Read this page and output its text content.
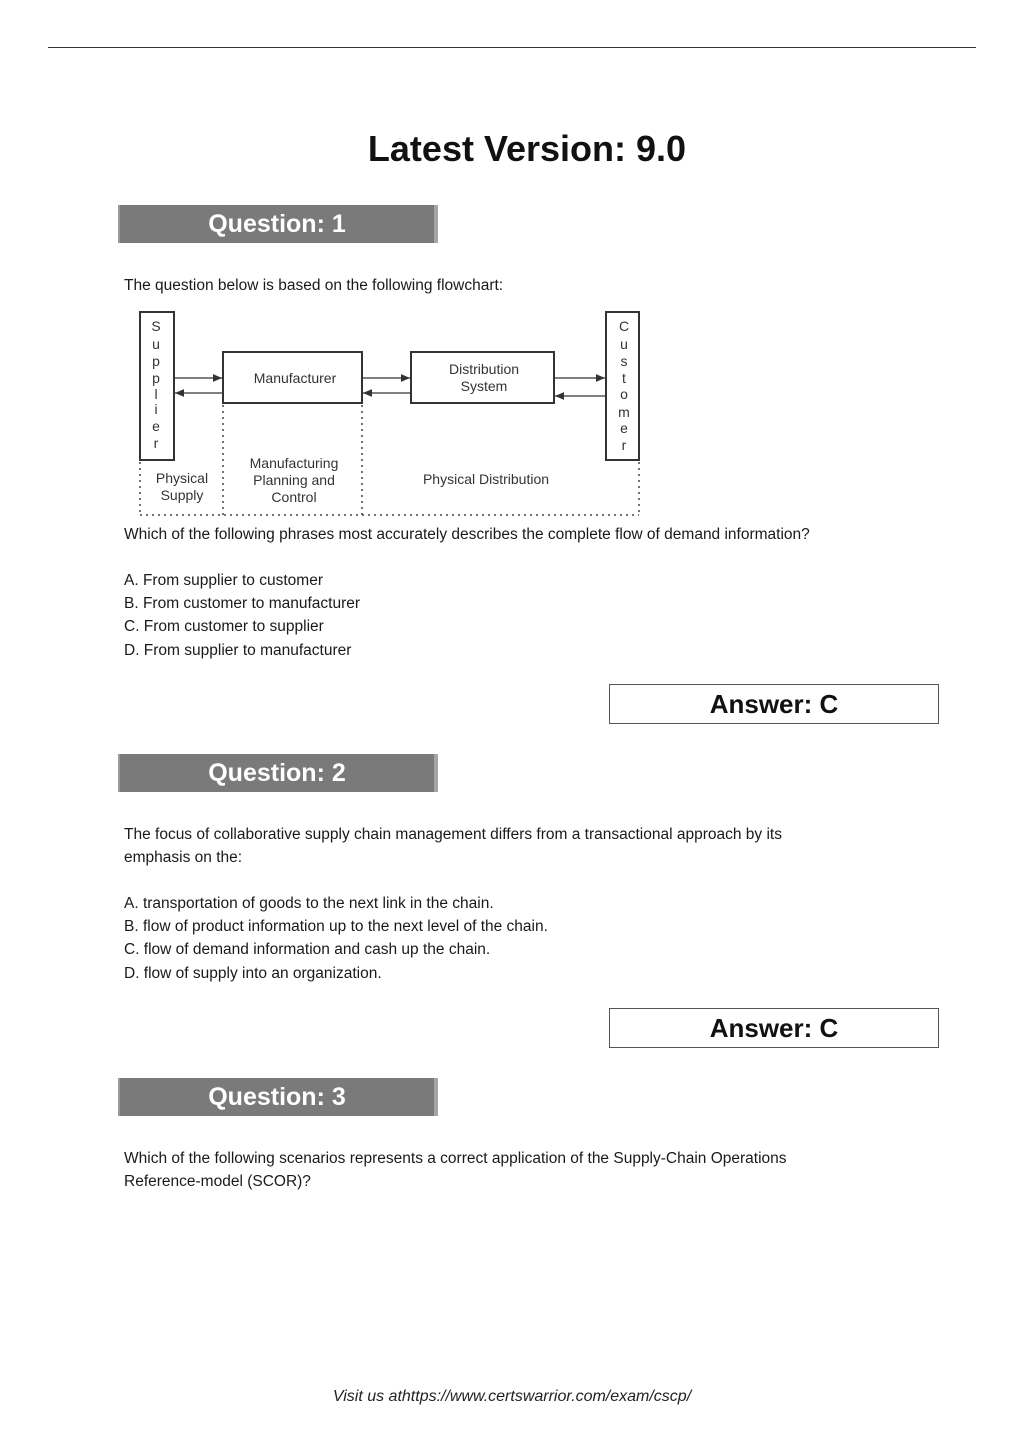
Latest Version: 9.0
Question: 1
The question below is based on the following flowchart:
S
u
p
p
l
i
e
r
Manufacturer
Distribution
System
C
u
s
t
o
m
e
r
Physical
Supply
Manufacturing
Planning and
Control
Physical Distribution
Which of the following phrases most accurately describes the complete flow of demand information?
A. From supplier to customer
B. From customer to manufacturer
C. From customer to supplier
D. From supplier to manufacturer
Answer: C
Question: 2
The focus of collaborative supply chain management differs from a transactional approach by its
emphasis on the:
A. transportation of goods to the next link in the chain.
B. flow of product information up to the next level of the chain.
C. flow of demand information and cash up the chain.
D. flow of supply into an organization.
Answer: C
Question: 3
Which of the following scenarios represents a correct application of the Supply-Chain Operations
Reference-model (SCOR)?
Visit us athttps://www.certswarrior.com/exam/cscp/
